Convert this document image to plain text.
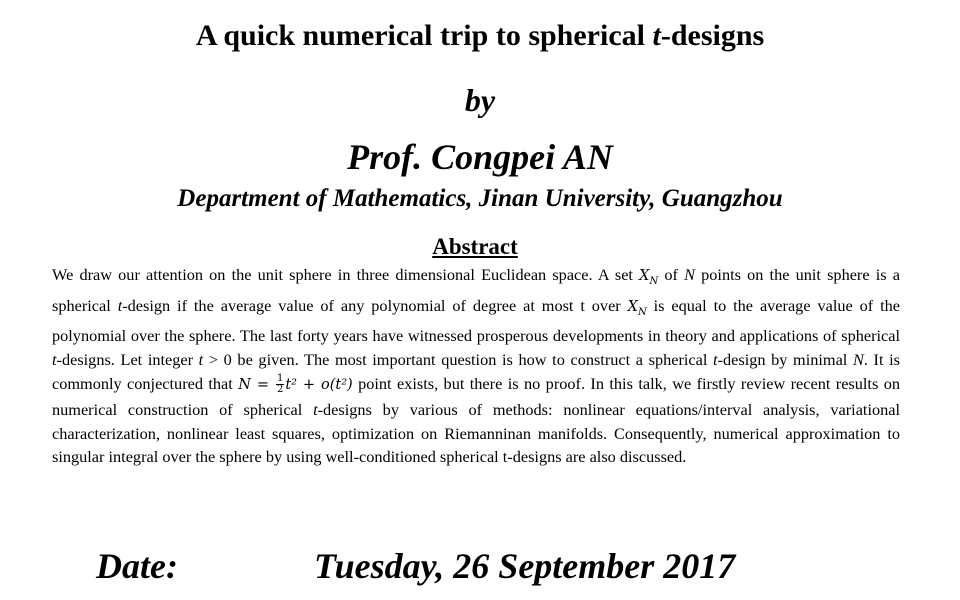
A quick numerical trip to spherical t-designs
by
Prof. Congpei AN
Department of Mathematics, Jinan University, Guangzhou
Abstract
We draw our attention on the unit sphere in three dimensional Euclidean space. A set $X_N$ of N points on the unit sphere is a spherical t-design if the average value of any polynomial of degree at most t over $X_N$ is equal to the average value of the polynomial over the sphere. The last forty years have witnessed prosperous developments in theory and applications of spherical t-designs. Let integer t > 0 be given. The most important question is how to construct a spherical t-design by minimal N. It is commonly conjectured that $N = \frac{1}{2} t^2 + o(t^2)$ point exists, but there is no proof. In this talk, we firstly review recent results on numerical construction of spherical t-designs by various of methods: nonlinear equations/interval analysis, variational characterization, nonlinear least squares, optimization on Riemanninan manifolds. Consequently, numerical approximation to singular integral over the sphere by using well-conditioned spherical t-designs are also discussed.
Date:	Tuesday, 26 September 2017
